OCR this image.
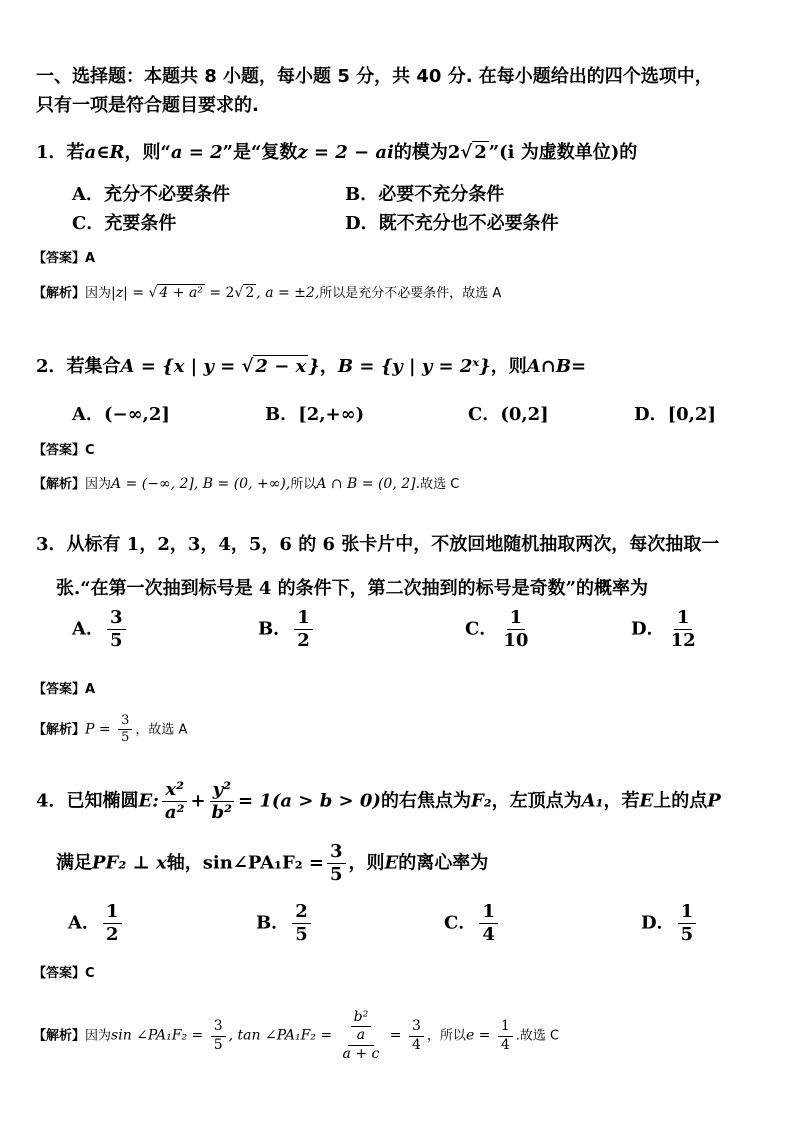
一、选择题：本题共 8 小题，每小题 5 分，共 40 分. 在每小题给出的四个选项中，
只有一项是符合题目要求的.
1．若a∈R，则“a = 2”是“复数z = 2 − ai的模为2√ 2 ”(i 为虚数单位)的
A．充分不必要条件	B．必要不充分条件
C．充要条件	D．既不充分也不必要条件
【答案】A
【解析】因为|z| = √ 4 + a² = 2√ 2 , a = ±2,所以是充分不必要条件，故选 A
2．若集合A = {x | y = √ 2 − x }，B = {y | y = 2ˣ}，则A∩B=
A．(−∞,2]	B．[2,+∞)	C．(0,2]	D．[0,2]
【答案】C
【解析】因为A = (−∞, 2], B = (0, +∞),所以A ∩ B = (0, 2].故选 C
3．从标有 1，2，3，4，5，6 的 6 张卡片中，不放回地随机抽取两次，每次抽取一
张.“在第一次抽到标号是 4 的条件下，第二次抽到的标号是奇数”的概率为
A． $\frac{3}{5}$	B． $\frac{1}{2}$	C． $\frac{1}{10}$	D． $\frac{1}{12}$
【答案】A
【解析】$P = \frac{3}{5}$ ，故选 A
4．已知椭圆E: $\frac{\text{x²}}{\text{a²}} + \frac{\text{y²}}{\text{b²}} = 1(a > b > 0)$的右焦点为F₂，左顶点为A₁，若E上的点P
满足PF₂ ⊥ x轴，sin∠PA₁F₂ = $\frac{3}{5}$ ，则E的离心率为
A． $\frac{1}{2}$	B． $\frac{2}{5}$	C． $\frac{1}{4}$	D． $\frac{1}{5}$
【答案】C
【解析】因为sin ∠PA₁F₂ = $\frac{3}{5}$ , tan ∠PA₁F₂ = $\frac{\frac{\text{b²}}{a}}{a + c} = \frac{3}{4}$ ，所以$e = \frac{1}{4}$ .故选 C
